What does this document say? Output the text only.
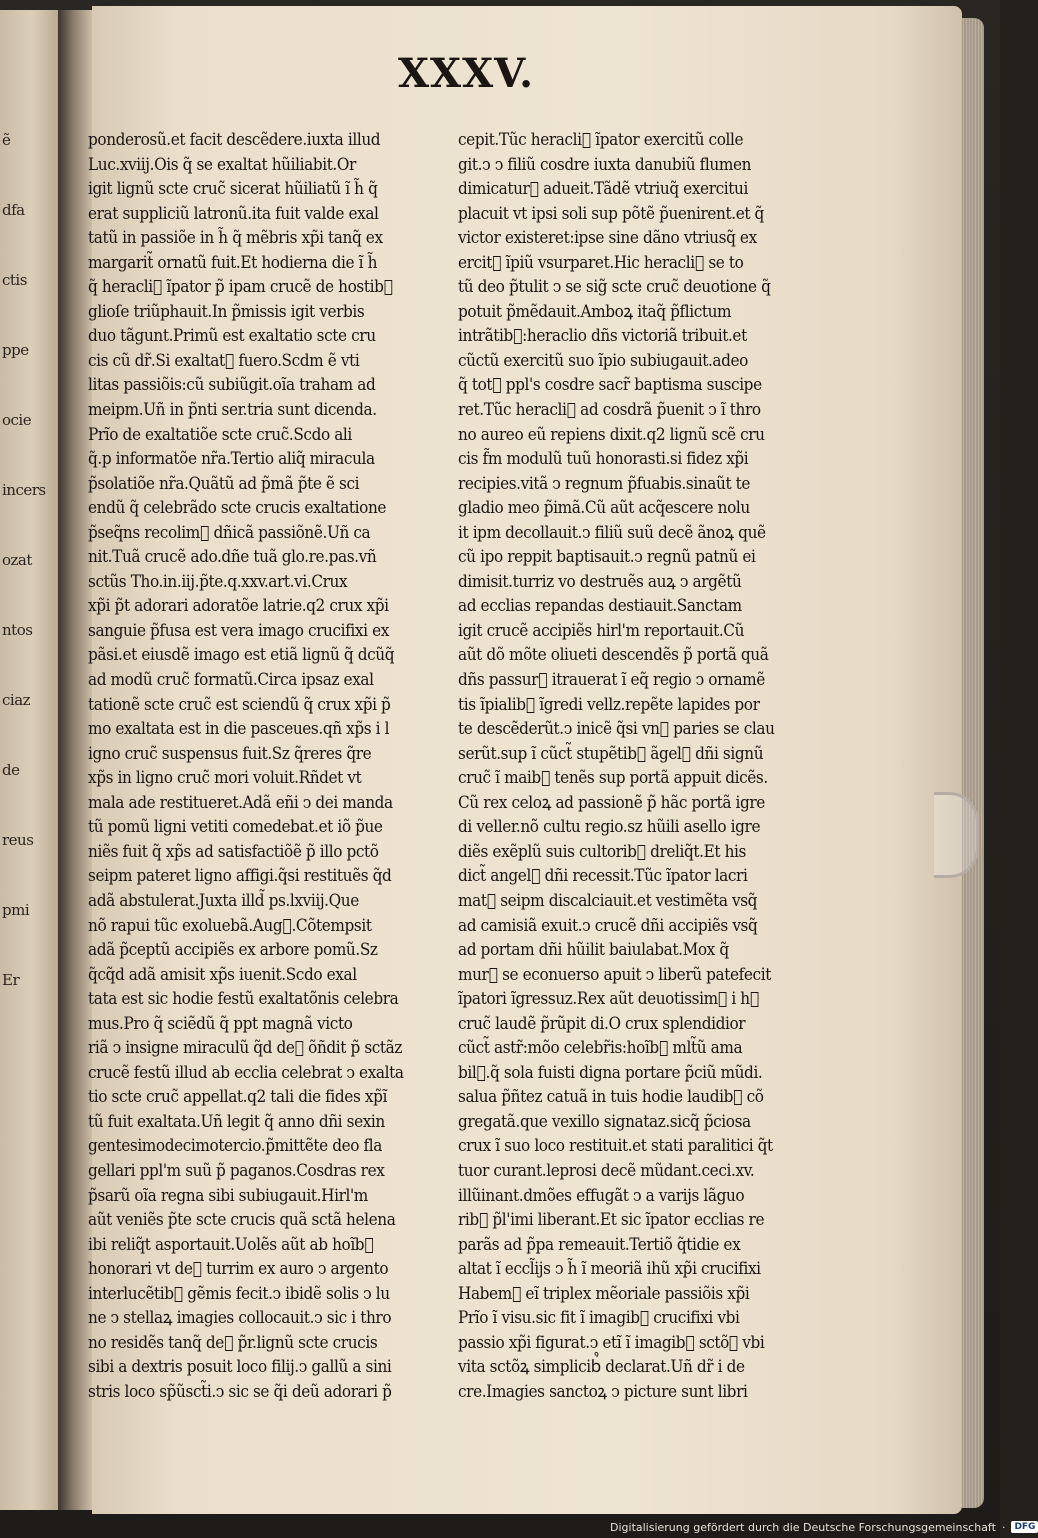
ẽ
dfa
ctis
ppe
ocie
incers
ozat
ntos
ciaz
de
reus
pmi
Er
XXXV.
ponderosũ.et facit descẽdere.iuxta illud
Luc.xviij.Ois q̃ se exaltat hũiliabit.Or
igit lignũ scte cruc̃ sicerat hũiliatũ ĩ h̃ q̃
erat suppliciũ latronũ.ita fuit valde exal
tatũ in passiõe in h̃ q̃ mẽbris xp̃i tanq̃ ex
margarit̃ ornatũ fuit.Et hodierna die ĩ h̃
q̃ heracli᷒ ĩpator p̃ ipam crucẽ de hostib᷒
glioſe triũphauit.In p̃missis igit verbis
duo tãgunt.Primũ est exaltatio scte cru
cis cũ dr̃.Si exaltat᷒ fuero.Scdm ẽ vti
litas passiõis:cũ subiũgit.oĩa traham ad
meipm.Uñ in p̃nti ser.tria sunt dicenda.
Prĩo de exaltatiõe scte cruc̃.Scdo ali
q̃.p informatõe nr̃a.Tertio aliq̃ miracula
p̃solatiõe nr̃a.Quãtũ ad p̃mã p̃te ẽ sci
endũ q̃ celebrãdo scte crucis exaltatione
p̃seq̃ns recolim᷒ dñicã passiõnẽ.Uñ ca
nit.Tuã crucẽ ado.dñe tuã glo.re.pas.vñ
sctũs Tho.in.iij.p̃te.q.xxv.art.vi.Crux
xp̃i p̃t adorari adoratõe latrie.q2 crux xp̃i
sanguie p̃fusa est vera imago crucifixi ex
pãsi.et eiusdẽ imago est etiã lignũ q̃ dcũq̃
ad modũ cruc̃ formatũ.Circa ipsaz exal
tationẽ scte cruc̃ est sciendũ q̃ crux xp̃i p̃
mo exaltata est in die pasceues.qñ xp̃s i l
igno cruc̃ suspensus fuit.Sz q̃reres q̃re
xp̃s in ligno cruc̃ mori voluit.Rñdet vt
mala ade restitueret.Adã eñi ↄ dei manda
tũ pomũ ligni vetiti comedebat.et iõ p̃ue
niẽs fuit q̃ xp̃s ad satisfactiõẽ p̃ illo pctõ
seipm pateret ligno affigi.q̃si restituẽs q̃d
adã abstulerat.Juxta illd̃ ps.lxviij.Que
nõ rapui tũc exoluebã.Aug᷒.Cõtempsit
adã p̃ceptũ accipiẽs ex arbore pomũ.Sz
q̃cq̃d adã amisit xp̃s iuenit.Scdo exal
tata est sic hodie festũ exaltatõnis celebra
mus.Pro q̃ sciẽdũ q̃ ppt magnã victo
riã ↄ insigne miraculũ q̃d de᷒ õñdit p̃ sctãz
crucẽ festũ illud ab ecclia celebrat ↄ exalta
tio scte cruc̃ appellat.q2 tali die fides xp̃ĩ
tũ fuit exaltata.Uñ legit q̃ anno dñi sexin
gentesimodecimotercio.p̃mittẽte deo fla
gellari ppl'm suũ p̃ paganos.Cosdras rex
p̃sarũ oĩa regna sibi subiugauit.Hirl'm
aũt veniẽs p̃te scte crucis quã sctã helena
ibi reliq̃t asportauit.Uolẽs aũt ab hoĩb᷒
honorari vt de᷒ turrim ex auro ↄ argento
interlucẽtib᷒ gẽmis fecit.ↄ ibidẽ solis ↄ lu
ne ↄ stellaꝝ imagies collocauit.ↄ sic i thro
no residẽs tanq̃ de᷒ p̃r.lignũ scte crucis
sibi a dextris posuit loco filij.ↄ gallũ a sini
stris loco sp̃ũsct̃i.ↄ sic se q̃i deũ adorari p̃
cepit.Tũc heracli᷒ ĩpator exercitũ colle
git.ↄ ↄ filiũ cosdre iuxta danubiũ flumen
dimicatur᷒ adueit.Tãdẽ vtriuq̃ exercitui
placuit vt ipsi soli sup põtẽ p̃uenirent.et q̃
victor existeret:ipse sine dãno vtriusq̃ ex
ercit᷒ ĩpiũ vsurparet.Hic heracli᷒ se to
tũ deo p̃tulit ↄ se sig̃ scte cruc̃ deuotione q̃
potuit p̃mẽdauit.Amboꝝ itaq̃ p̃flictum
intrãtib᷒:heraclio dñs victoriã tribuit.et
cũctũ exercitũ suo ĩpio subiugauit.adeo
q̃ tot᷒ ppl's cosdre sacr̃ baptisma suscipe
ret.Tũc heracli᷒ ad cosdrã p̃uenit ↄ ĩ thro
no aureo eũ repiens dixit.q2 lignũ scẽ cru
cis f̃m modulũ tuũ honorasti.si fidez xp̃i
recipies.vitã ↄ regnum p̃fuabis.sinaũt te
gladio meo p̃imã.Cũ aũt acq̃escere nolu
it ipm decollauit.ↄ filiũ suũ decẽ ãnoꝝ quẽ
cũ ipo reppit baptisauit.ↄ regnũ patnũ ei
dimisit.turriz vo destruẽs auꝝ ↄ argẽtũ
ad ecclias repandas destiauit.Sanctam
igit crucẽ accipiẽs hirl'm reportauit.Cũ
aũt dõ mõte oliueti descendẽs p̃ portã quã
dñs passur᷒ itrauerat ĩ eq̃ regio ↄ ornamẽ
tis ĩpialib᷒ ĩgredi vellz.repẽte lapides por
te descẽderũt.ↄ inicẽ q̃si vn᷒ paries se clau
serũt.sup ĩ cũct̃ stupẽtib᷒ ãgel᷒ dñi signũ
cruc̃ ĩ maib᷒ tenẽs sup portã appuit dicẽs.
Cũ rex celoꝝ ad passionẽ p̃ hãc portã igre
di veller.nõ cultu regio.sz hũili asello igre
diẽs exẽplũ suis cultorib᷒ dreliq̃t.Et his
dict̃ angel᷒ dñi recessit.Tũc ĩpator lacri
mat᷒ seipm discalciauit.et vestimẽta vsq̃
ad camisiã exuit.ↄ crucẽ dñi accipiẽs vsq̃
ad portam dñi hũilit baiulabat.Mox q̃
mur᷒ se econuerso apuit ↄ liberũ patefecit
ĩpatori ĩgressuz.Rex aũt deuotissim᷒ i h᷒
cruc̃ laudẽ p̃rũpit di.O crux splendidior
cũct̃ astr̃:mõo celebr̃is:hoĩb᷒ mlt̃ũ ama
bil᷒.q̃ sola fuisti digna portare p̃ciũ mũdi.
salua p̃ñtez catuã in tuis hodie laudib᷒ cõ
gregatã.que vexillo signataz.sicq̃ p̃ciosa
crux ĩ suo loco restituit.et stati paralitici q̃t
tuor curant.leprosi decẽ mũdant.ceci.xv.
illũinant.dmões effugãt ↄ a varijs lãguo
rib᷒ p̃l'imi liberant.Et sic ĩpator ecclias re
parãs ad p̃pa remeauit.Tertiõ q̃tidie ex
altat ĩ eccl̃ijs ↄ h̃ ĩ meoriã ihũ xp̃i crucifixi
Habem᷒ eĩ triplex mẽoriale passiõis xp̃i
Prĩo ĩ visu.sic fit ĩ imagib᷒ crucifixi vbi
passio xp̃i figurat.ↄ etĩ ĩ imagib᷒ sctõꝝ vbi
vita sctõꝝ simplicib᷒ declarat.Uñ dr̃ i de
cre.Imagies sanctoꝝ ↄ picture sunt libri
Digitalisierung gefördert durch die Deutsche Forschungsgemeinschaft ·	DFG
